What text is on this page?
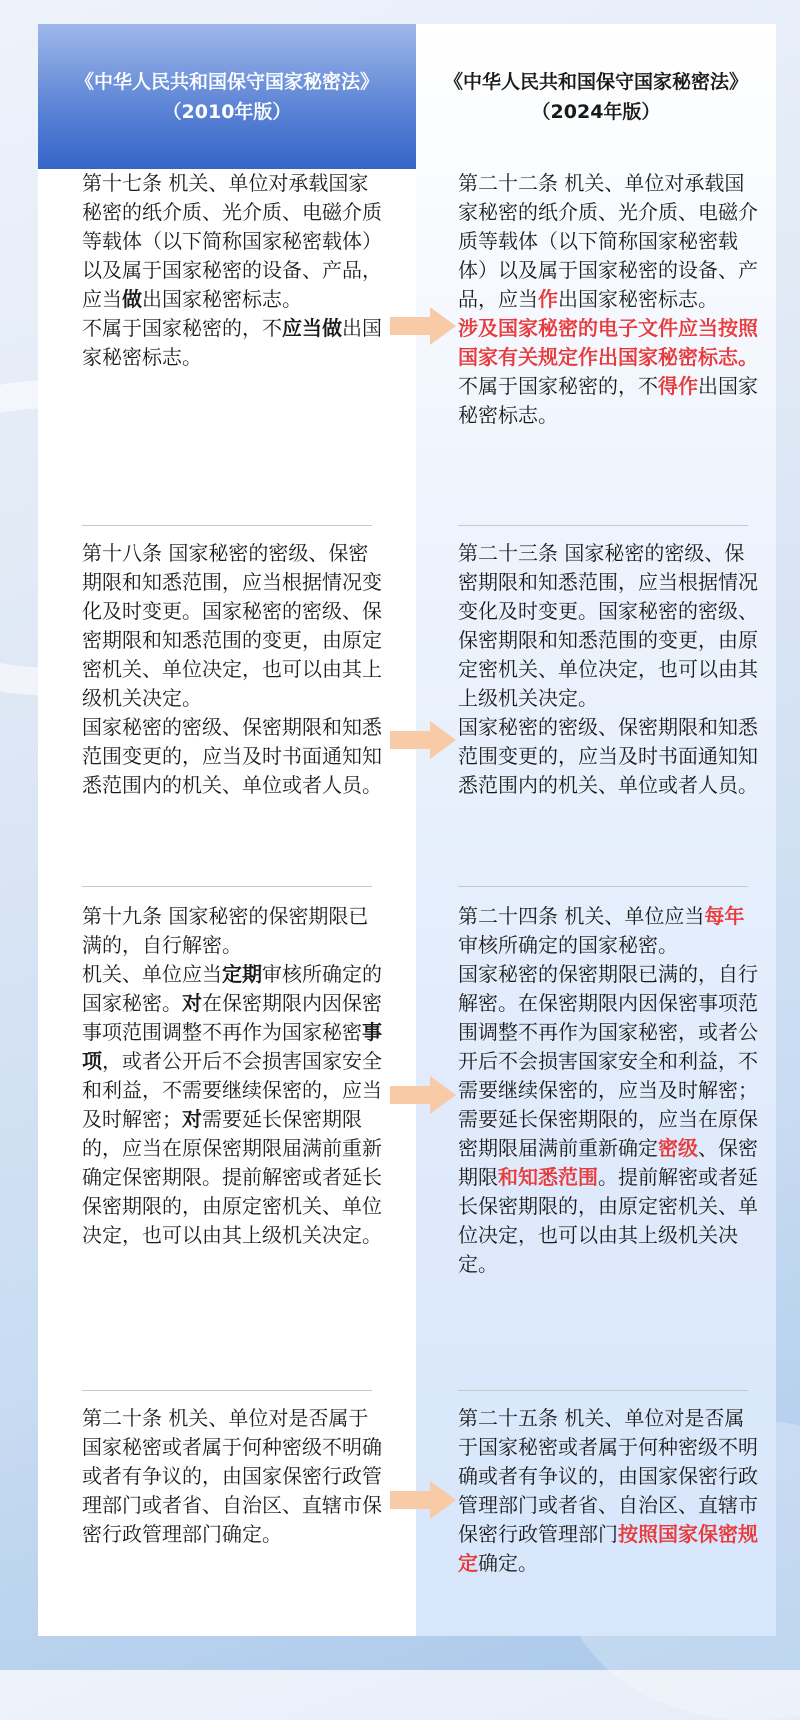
《中华人民共和国保守国家秘密法》
（2010年版）
《中华人民共和国保守国家秘密法》
（2024年版）

第十七条 机关、单位对承载国家秘密的纸介质、光介质、电磁介质等载体（以下简称国家秘密载体）以及属于国家秘密的设备、产品，应当做出国家秘密标志。

不属于国家秘密的，不应当做出国家秘密标志。

第二十二条 机关、单位对承载国家秘密的纸介质、光介质、电磁介质等载体（以下简称国家秘密载体）以及属于国家秘密的设备、产品，应当作出国家秘密标志。

涉及国家秘密的电子文件应当按照国家有关规定作出国家秘密标志。

不属于国家秘密的，不得作出国家秘密标志。

第十八条 国家秘密的密级、保密期限和知悉范围，应当根据情况变化及时变更。国家秘密的密级、保密期限和知悉范围的变更，由原定密机关、单位决定，也可以由其上级机关决定。

国家秘密的密级、保密期限和知悉范围变更的，应当及时书面通知知悉范围内的机关、单位或者人员。

第二十三条 国家秘密的密级、保密期限和知悉范围，应当根据情况变化及时变更。国家秘密的密级、保密期限和知悉范围的变更，由原定密机关、单位决定，也可以由其上级机关决定。

国家秘密的密级、保密期限和知悉范围变更的，应当及时书面通知知悉范围内的机关、单位或者人员。

第十九条 国家秘密的保密期限已满的，自行解密。

机关、单位应当定期审核所确定的国家秘密。对在保密期限内因保密事项范围调整不再作为国家秘密事项，或者公开后不会损害国家安全和利益，不需要继续保密的，应当及时解密；对需要延长保密期限的，应当在原保密期限届满前重新确定保密期限。提前解密或者延长保密期限的，由原定密机关、单位决定，也可以由其上级机关决定。

第二十四条 机关、单位应当每年审核所确定的国家秘密。

国家秘密的保密期限已满的，自行解密。在保密期限内因保密事项范围调整不再作为国家秘密，或者公开后不会损害国家安全和利益，不需要继续保密的，应当及时解密；需要延长保密期限的，应当在原保密期限届满前重新确定密级、保密期限和知悉范围。提前解密或者延长保密期限的，由原定密机关、单位决定，也可以由其上级机关决定。

第二十条 机关、单位对是否属于国家秘密或者属于何种密级不明确或者有争议的，由国家保密行政管理部门或者省、自治区、直辖市保密行政管理部门确定。

第二十五条 机关、单位对是否属于国家秘密或者属于何种密级不明确或者有争议的，由国家保密行政管理部门或者省、自治区、直辖市保密行政管理部门按照国家保密规定确定。
